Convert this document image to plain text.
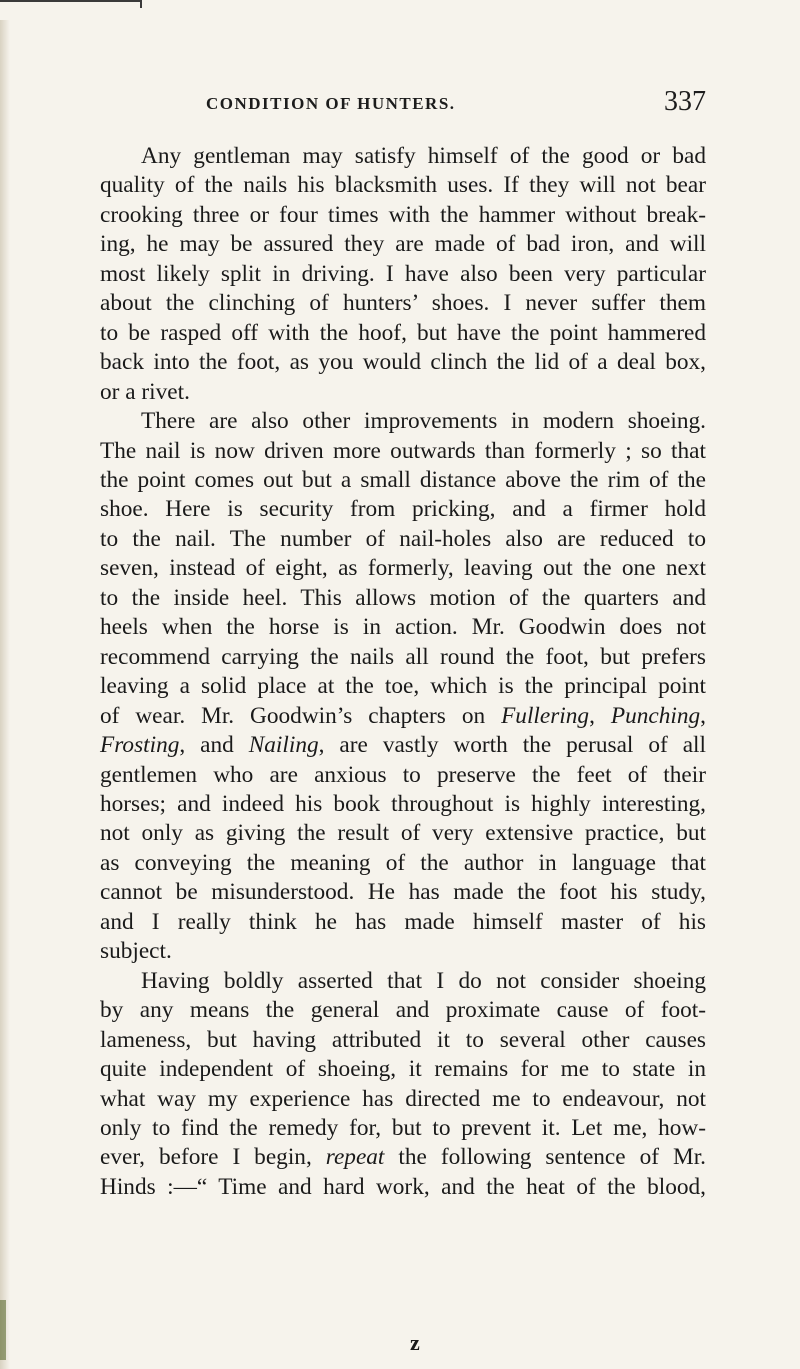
CONDITION OF HUNTERS.	337

Any gentleman may satisfy himself of the good or bad
quality of the nails his blacksmith uses. If they will not bear
crooking three or four times with the hammer without break-
ing, he may be assured they are made of bad iron, and will
most likely split in driving. I have also been very particular
about the clinching of hunters’ shoes. I never suffer them
to be rasped off with the hoof, but have the point hammered
back into the foot, as you would clinch the lid of a deal box,
or a rivet.

There are also other improvements in modern shoeing.
The nail is now driven more outwards than formerly ; so that
the point comes out but a small distance above the rim of the
shoe. Here is security from pricking, and a firmer hold
to the nail. The number of nail-holes also are reduced to
seven, instead of eight, as formerly, leaving out the one next
to the inside heel. This allows motion of the quarters and
heels when the horse is in action. Mr. Goodwin does not
recommend carrying the nails all round the foot, but prefers
leaving a solid place at the toe, which is the principal point
of wear. Mr. Goodwin’s chapters on Fullering, Punching,
Frosting, and Nailing, are vastly worth the perusal of all
gentlemen who are anxious to preserve the feet of their
horses; and indeed his book throughout is highly interesting,
not only as giving the result of very extensive practice, but
as conveying the meaning of the author in language that
cannot be misunderstood. He has made the foot his study,
and I really think he has made himself master of his
subject.

Having boldly asserted that I do not consider shoeing
by any means the general and proximate cause of foot-
lameness, but having attributed it to several other causes
quite independent of shoeing, it remains for me to state in
what way my experience has directed me to endeavour, not
only to find the remedy for, but to prevent it. Let me, how-
ever, before I begin, repeat the following sentence of Mr.
Hinds :—“ Time and hard work, and the heat of the blood,

z
